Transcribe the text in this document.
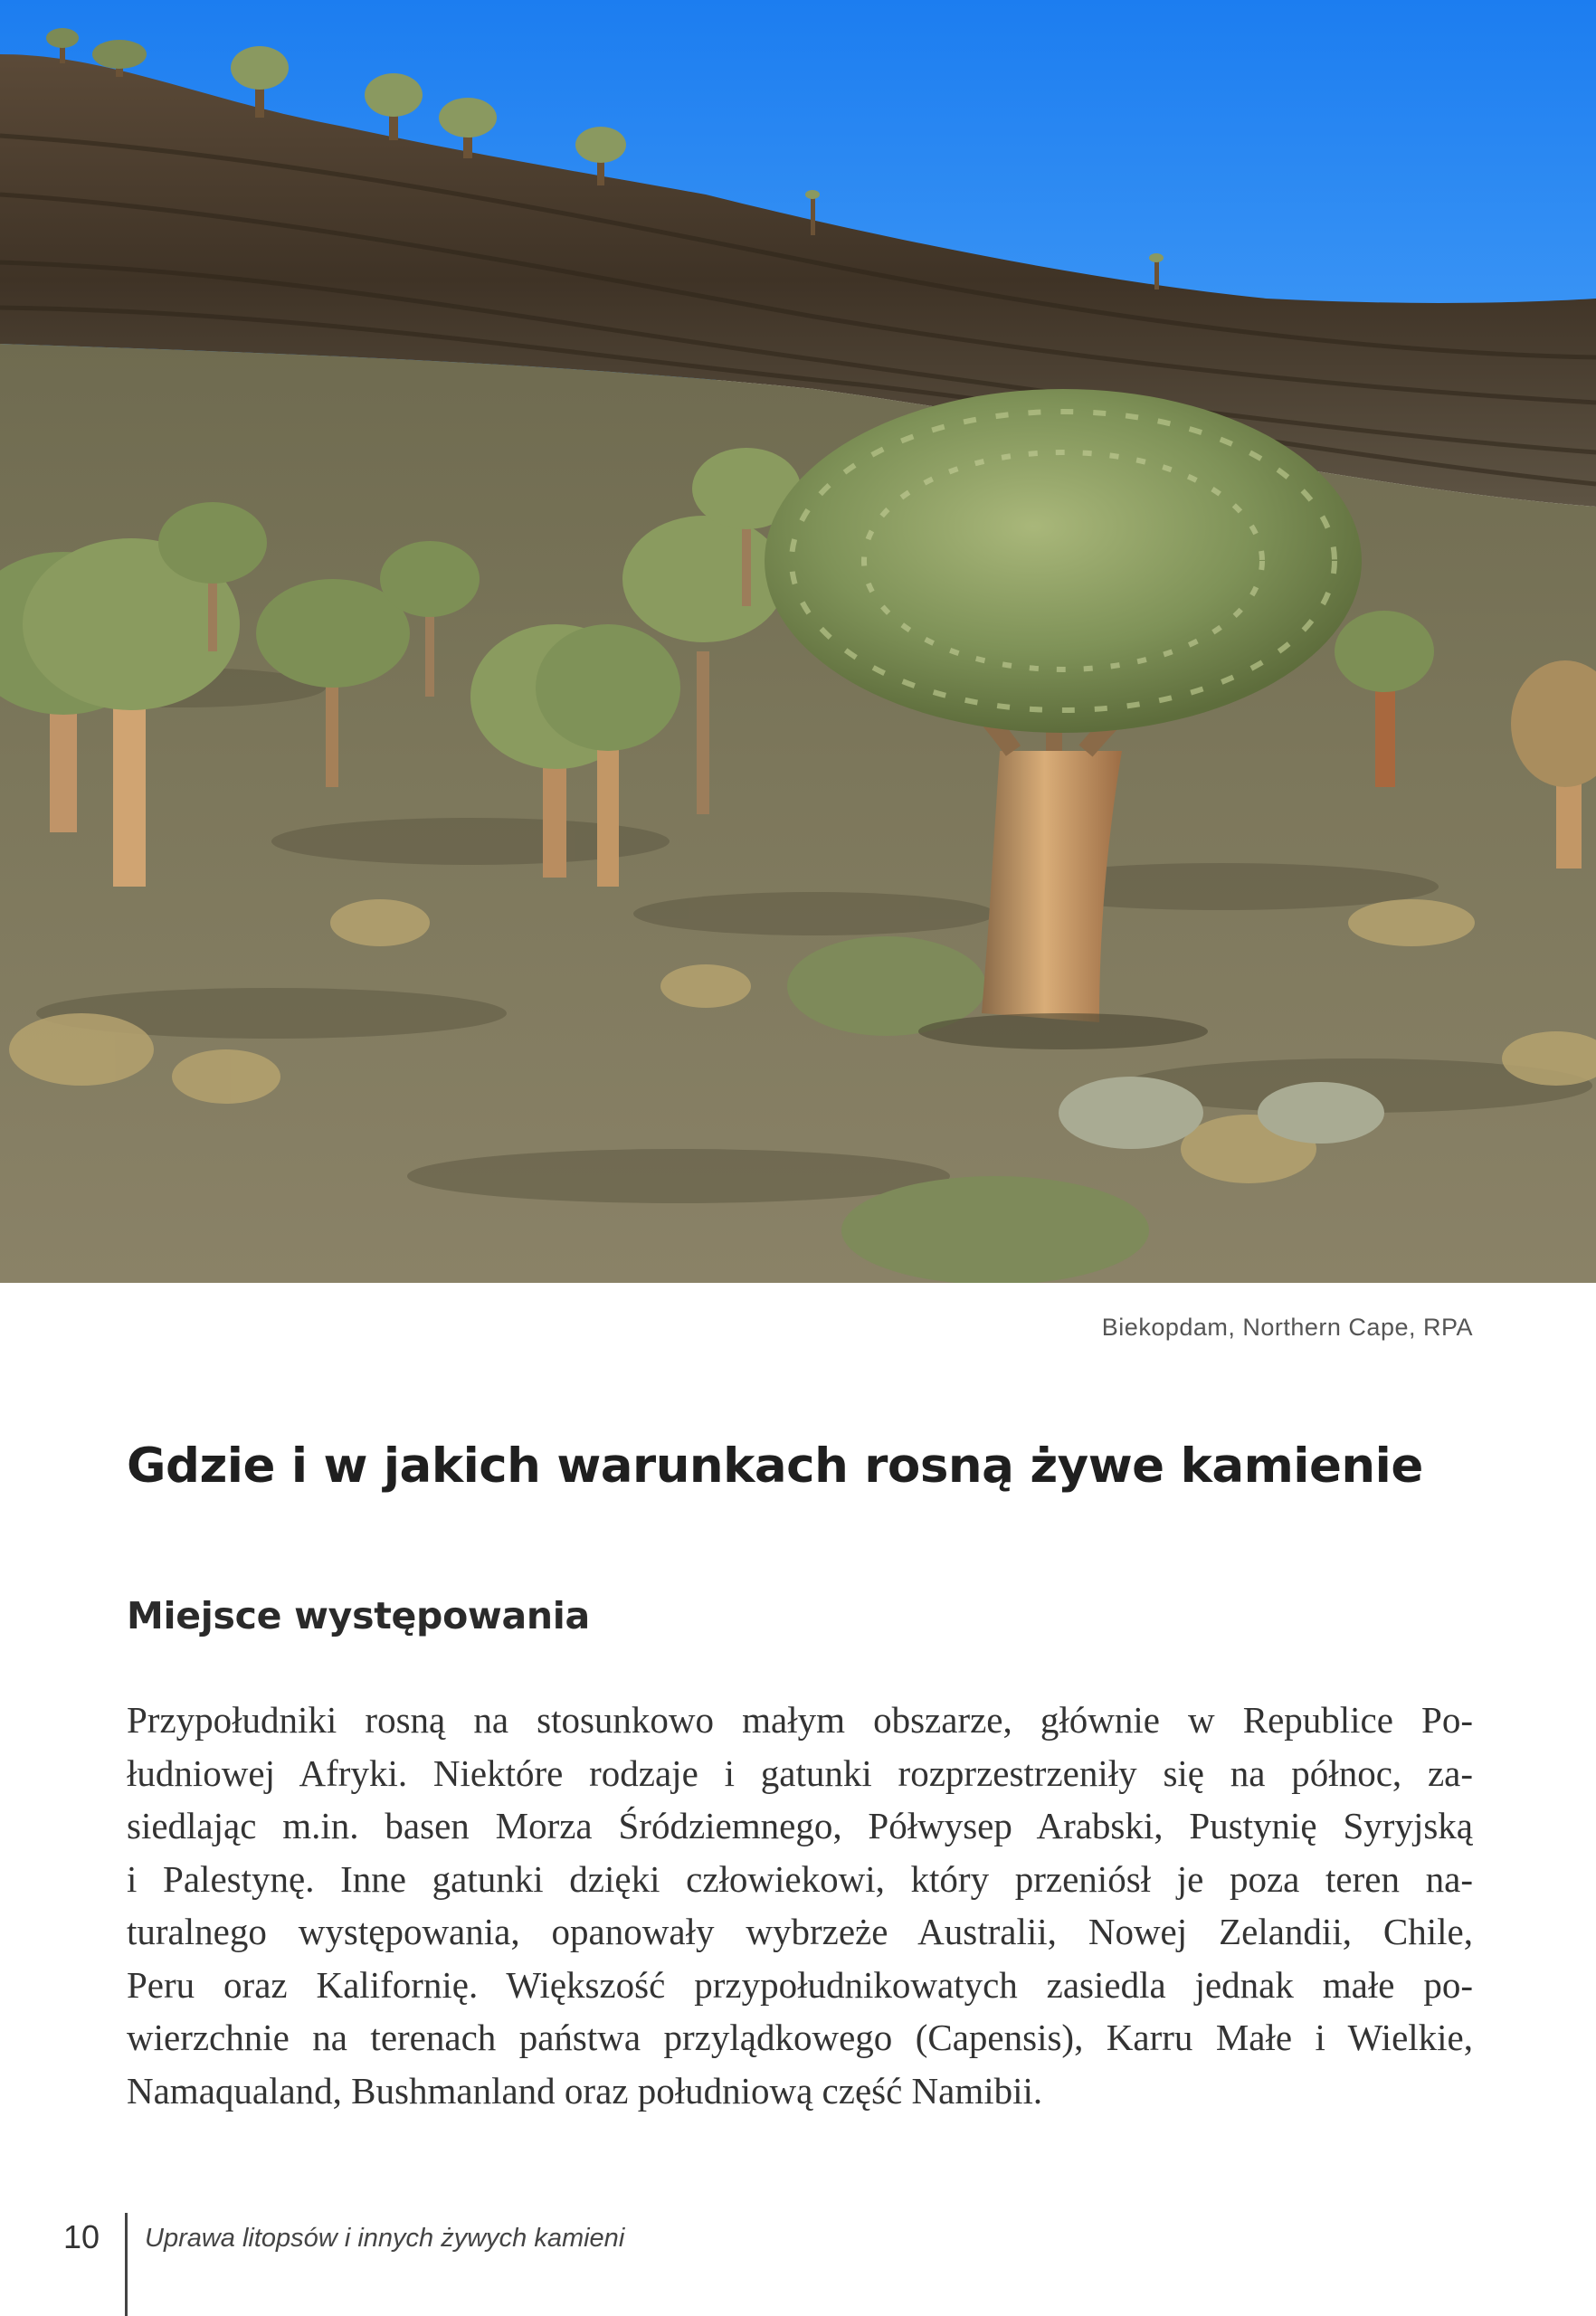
Biekopdam, Northern Cape, RPA
Gdzie i w jakich warunkach rosną żywe kamienie
Miejsce występowania
Przypołudniki rosną na stosunkowo małym obszarze, głównie w Republice Po-
łudniowej Afryki. Niektóre rodzaje i gatunki rozprzestrzeniły się na północ, za-
siedlając m.in. basen Morza Śródziemnego, Półwysep Arabski, Pustynię Syryjską
i Palestynę. Inne gatunki dzięki człowiekowi, który przeniósł je poza teren na-
turalnego występowania, opanowały wybrzeże Australii, Nowej Zelandii, Chile,
Peru oraz Kalifornię. Większość przypołudnikowatych zasiedla jednak małe po-
wierzchnie na terenach państwa przylądkowego (Capensis), Karru Małe i Wielkie,
Namaqualand, Bushmanland oraz południową część Namibii.
10 Uprawa litopsów i innych żywych kamieni
